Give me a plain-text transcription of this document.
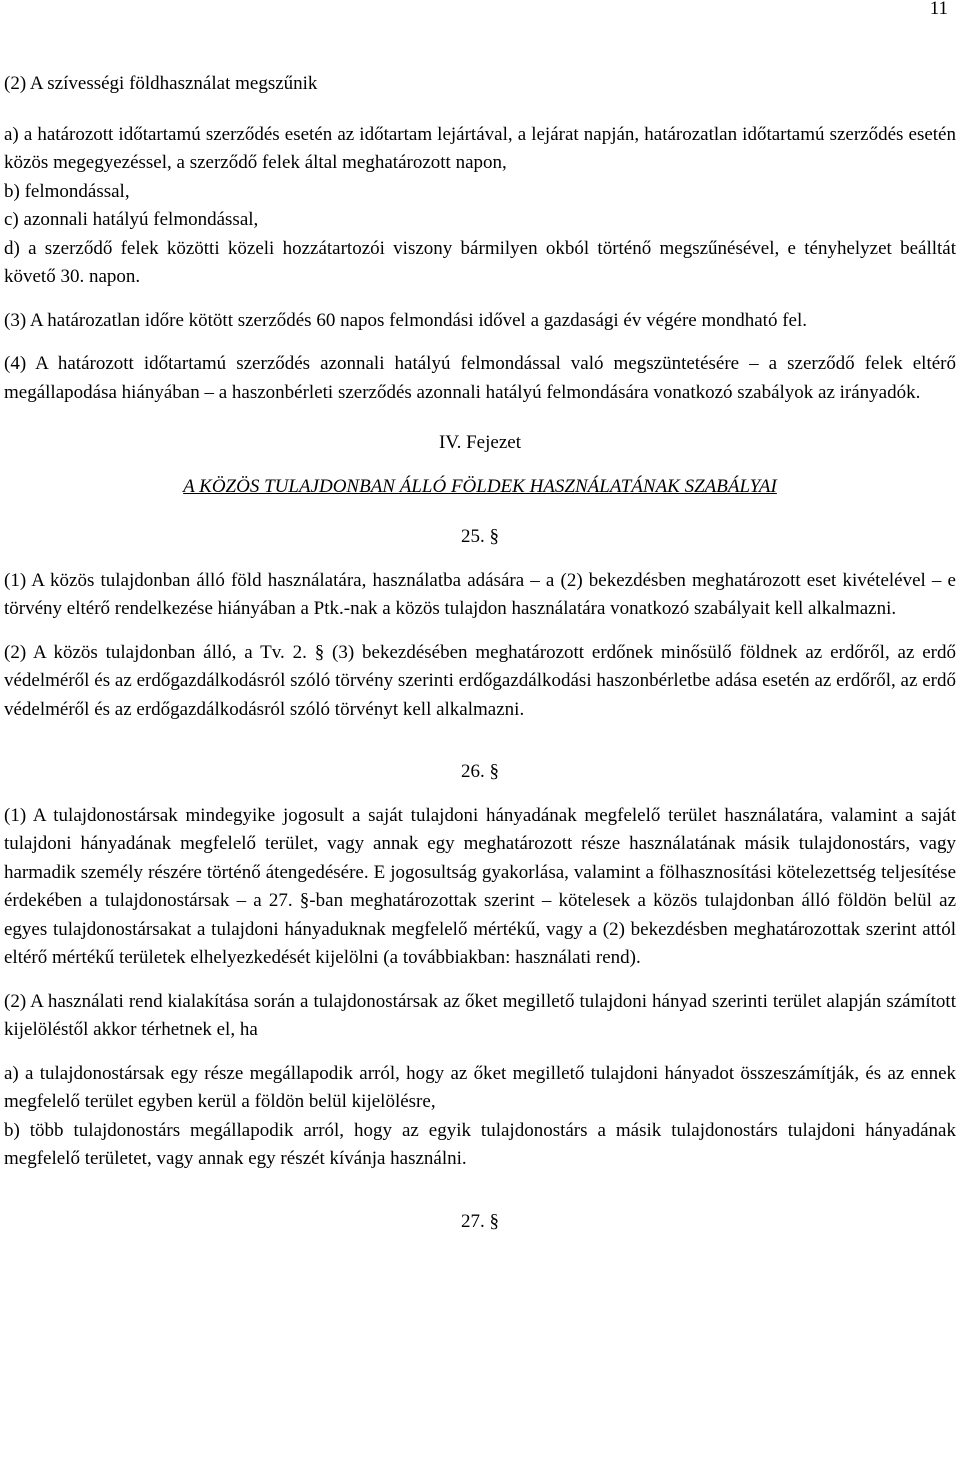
11

(2) A szívességi földhasználat megszűnik

a) a határozott időtartamú szerződés esetén az időtartam lejártával, a lejárat napján, határozatlan időtartamú szerződés esetén közös megegyezéssel, a szerződő felek által meghatározott napon,

b) felmondással,

c) azonnali hatályú felmondással,

d) a szerződő felek közötti közeli hozzátartozói viszony bármilyen okból történő megszűnésével, e tényhelyzet beálltát követő 30. napon.

(3) A határozatlan időre kötött szerződés 60 napos felmondási idővel a gazdasági év végére mondható fel.

(4) A határozott időtartamú szerződés azonnali hatályú felmondással való megszüntetésére – a szerződő felek eltérő megállapodása hiányában – a haszonbérleti szerződés azonnali hatályú felmondására vonatkozó szabályok az irányadók.

IV. Fejezet

A KÖZÖS TULAJDONBAN ÁLLÓ FÖLDEK HASZNÁLATÁNAK SZABÁLYAI

25. §

(1) A közös tulajdonban álló föld használatára, használatba adására – a (2) bekezdésben meghatározott eset kivételével – e törvény eltérő rendelkezése hiányában a Ptk.-nak a közös tulajdon használatára vonatkozó szabályait kell alkalmazni.

(2) A közös tulajdonban álló, a Tv. 2. § (3) bekezdésében meghatározott erdőnek minősülő földnek az erdőről, az erdő védelméről és az erdőgazdálkodásról szóló törvény szerinti erdőgazdálkodási haszonbérletbe adása esetén az erdőről, az erdő védelméről és az erdőgazdálkodásról szóló törvényt kell alkalmazni.

26. §

(1) A tulajdonostársak mindegyike jogosult a saját tulajdoni hányadának megfelelő terület használatára, valamint a saját tulajdoni hányadának megfelelő terület, vagy annak egy meghatározott része használatának másik tulajdonostárs, vagy harmadik személy részére történő átengedésére. E jogosultság gyakorlása, valamint a fölhasznosítási kötelezettség teljesítése érdekében a tulajdonostársak – a 27. §-ban meghatározottak szerint – kötelesek a közös tulajdonban álló földön belül az egyes tulajdonostársakat a tulajdoni hányaduknak megfelelő mértékű, vagy a (2) bekezdésben meghatározottak szerint attól eltérő mértékű területek elhelyezkedését kijelölni (a továbbiakban: használati rend).

(2) A használati rend kialakítása során a tulajdonostársak az őket megillető tulajdoni hányad szerinti terület alapján számított kijelöléstől akkor térhetnek el, ha

a) a tulajdonostársak egy része megállapodik arról, hogy az őket megillető tulajdoni hányadot összeszámítják, és az ennek megfelelő terület egyben kerül a földön belül kijelölésre,

b) több tulajdonostárs megállapodik arról, hogy az egyik tulajdonostárs a másik tulajdonostárs tulajdoni hányadának megfelelő területet, vagy annak egy részét kívánja használni.

27. §
